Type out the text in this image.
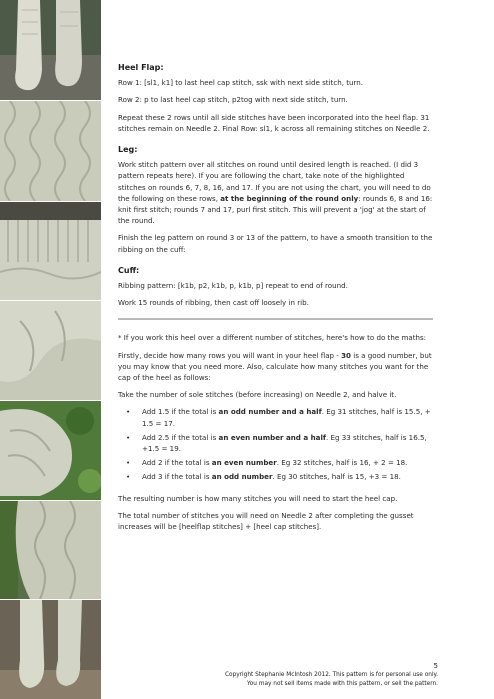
Heel Flap:

Row 1: [sl1, k1] to last heel cap stitch, ssk with next side stitch, turn.

Row 2: p to last heel cap stitch, p2tog with next side stitch, turn.

Repeat these 2 rows until all side stitches have been incorporated into the heel flap. 31 stitches remain on Needle 2. Final Row: sl1, k across all remaining stitches on Needle 2.

Leg:

Work stitch pattern over all stitches on round until desired length is reached. (I did 3 pattern repeats here). If you are following the chart, take note of the highlighted stitches on rounds 6, 7, 8, 16, and 17. If you are not using the chart, you will need to do the following on these rows, at the beginning of the round only: rounds 6, 8 and 16: knit first stitch; rounds 7 and 17, purl first stitch. This will prevent a 'jog' at the start of the round.

Finish the leg pattern on round 3 or 13 of the pattern, to have a smooth transition to the ribbing on the cuff:

Cuff:

Ribbing pattern: [k1b, p2, k1b, p, k1b, p] repeat to end of round.

Work 15 rounds of ribbing, then cast off loosely in rib.

* If you work this heel over a different number of stitches, here's how to do the maths:

Firstly, decide how many rows you will want in your heel flap - 30 is a good number, but you may know that you need more. Also, calculate how many stitches you want for the cap of the heel as follows:

Take the number of sole stitches (before increasing) on Needle 2, and halve it.

• Add 1.5 if the total is an odd number and a half. Eg 31 stitches, half is 15.5, + 1.5 = 17.
• Add 2.5 if the total is an even number and a half. Eg 33 stitches, half is 16.5, +1.5 = 19.
• Add 2 if the total is an even number. Eg 32 stitches, half is 16, + 2 = 18.
• Add 3 if the total is an odd number. Eg 30 stitches, half is 15, +3 = 18.

The resulting number is how many stitches you will need to start the heel cap.

The total number of stitches you will need on Needle 2 after completing the gusset increases will be [heelflap stitches] + [heel cap stitches].

5
Copyright Stephanie McIntosh 2012. This pattern is for personal use only.
You may not sell items made with this pattern, or sell the pattern.
